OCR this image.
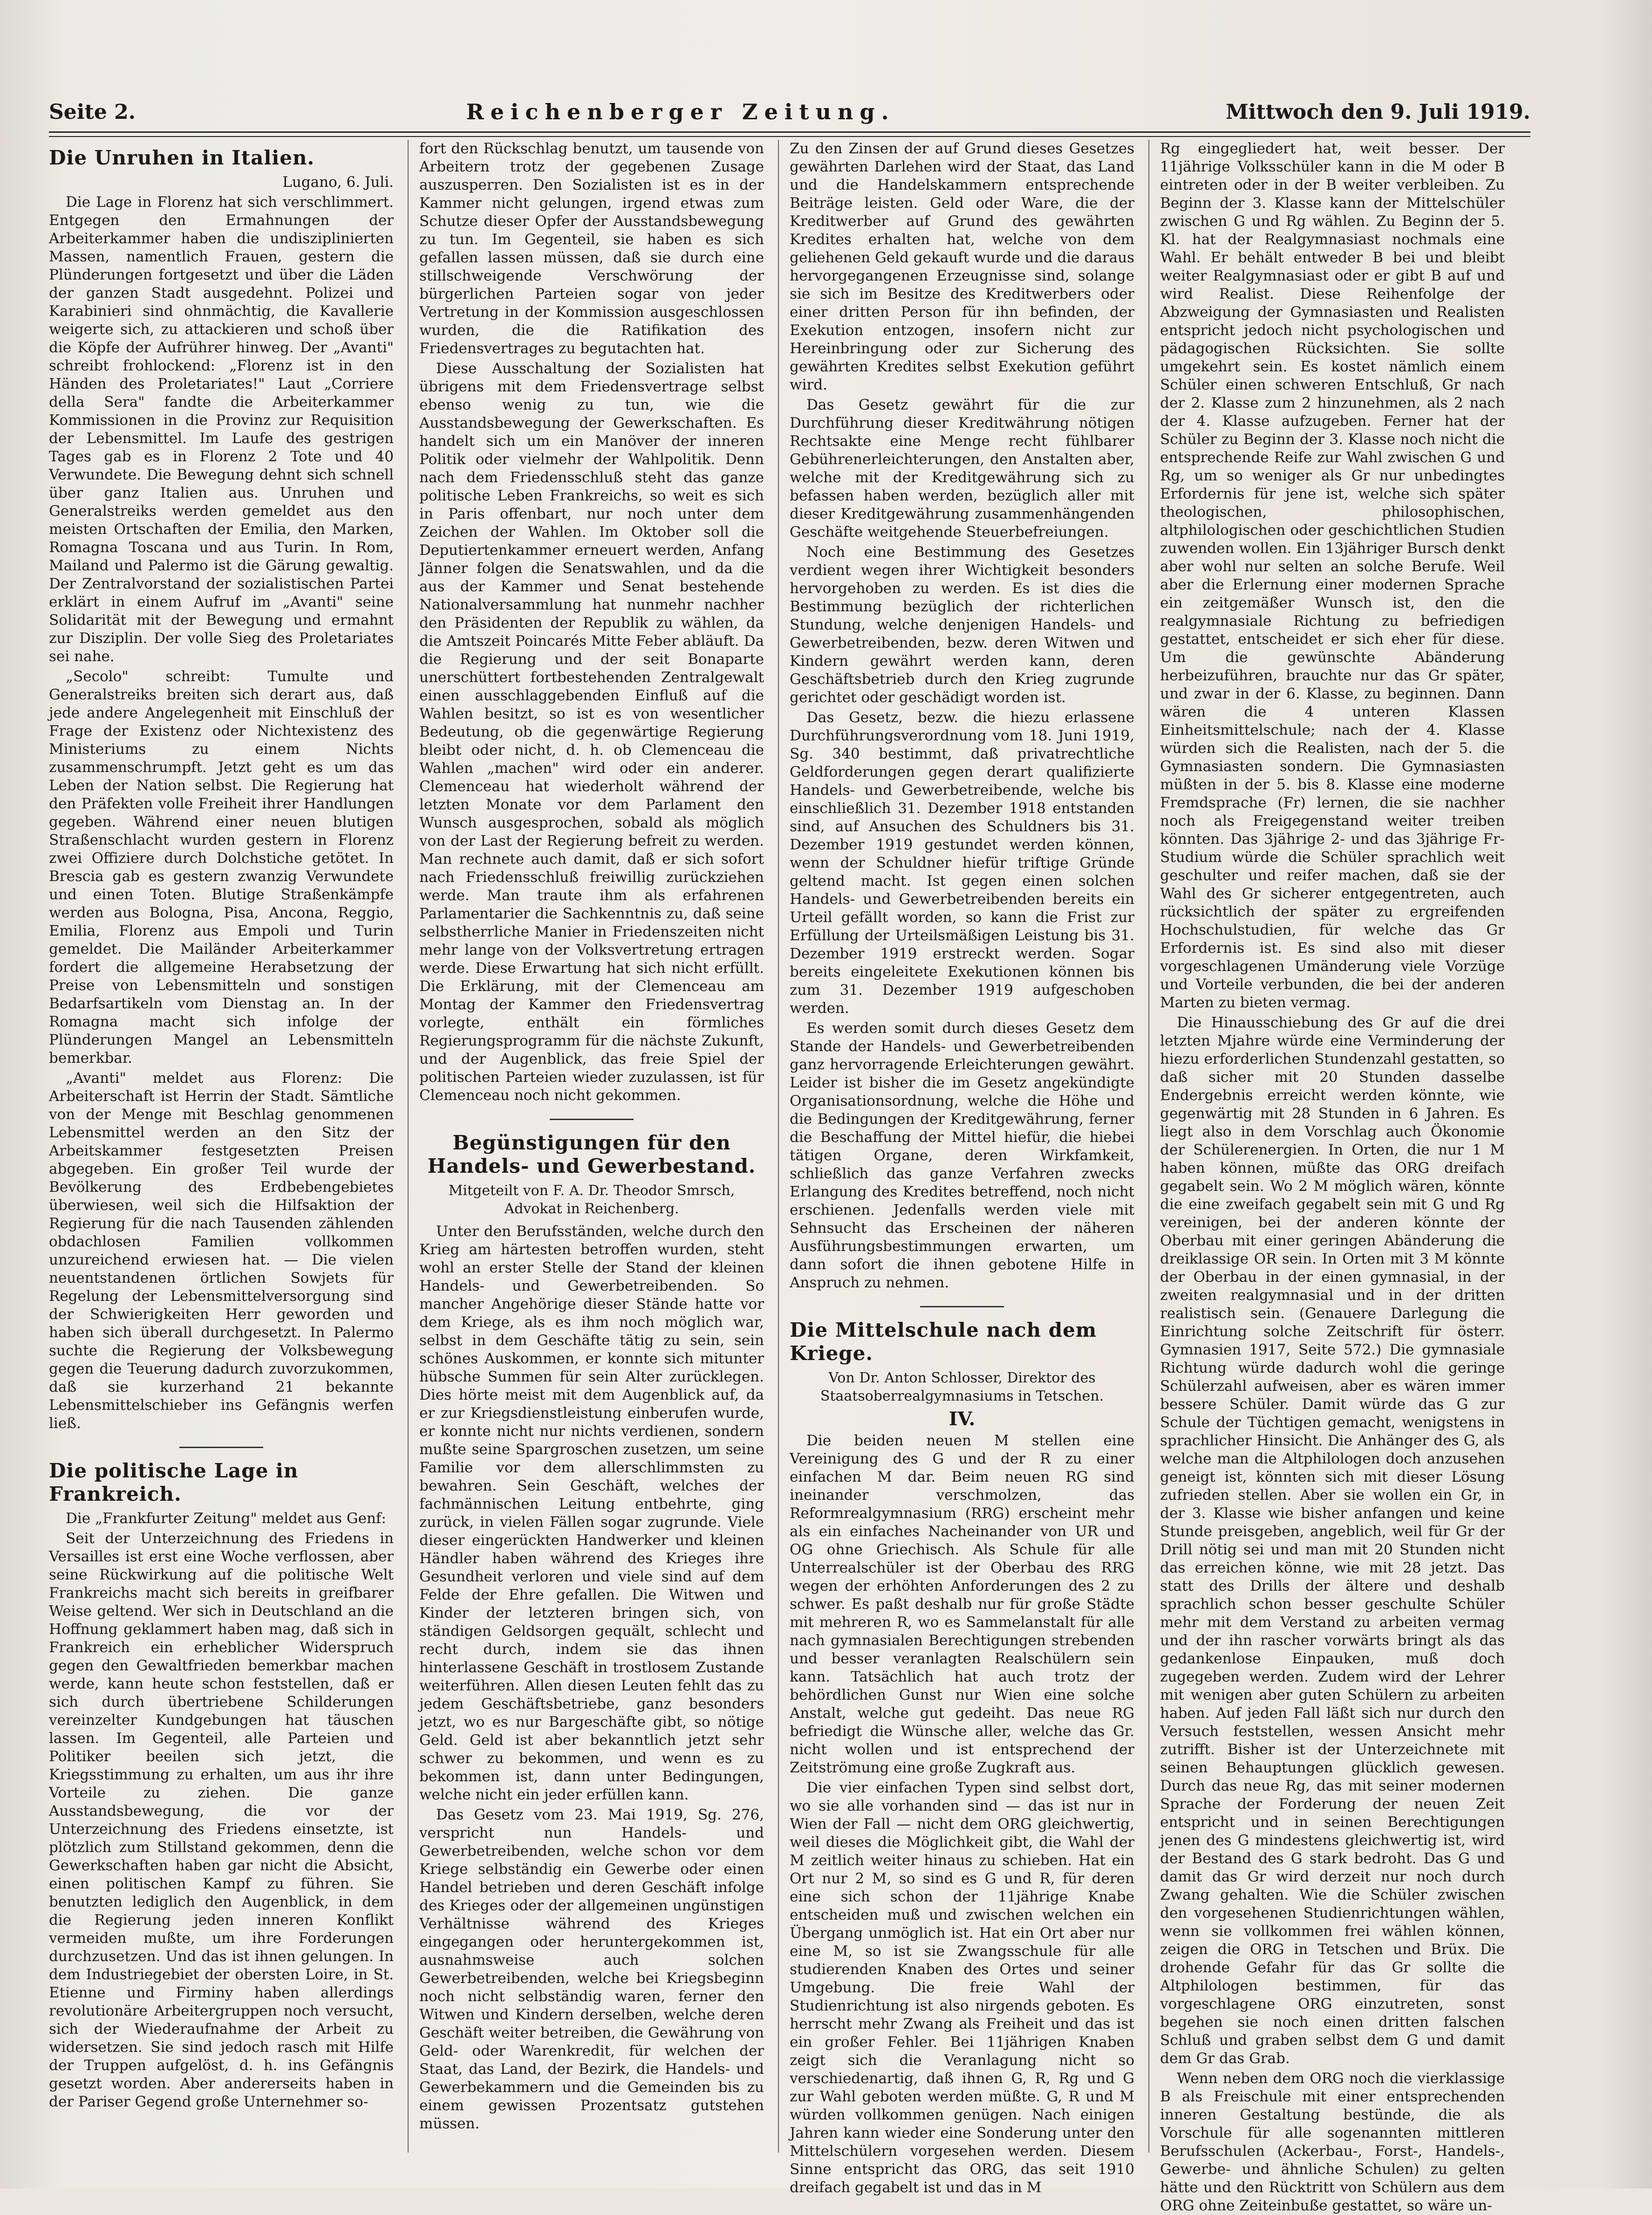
Seite 2.	Reichenberger Zeitung.	Mittwoch den 9. Juli 1919.
Die Unruhen in Italien.
Lugano, 6. Juli.

Die Lage in Florenz hat sich verschlimmert. Entgegen den Ermahnungen der Arbeiterkammer haben die undisziplinierten Massen, namentlich Frauen, gestern die Plünderungen fortgesetzt und über die Läden der ganzen Stadt ausgedehnt. Polizei und Karabinieri sind ohnmächtig, die Kavallerie weigerte sich, zu attackieren und schoß über die Köpfe der Aufrührer hinweg. Der „Avanti" schreibt frohlockend: „Florenz ist in den Händen des Proletariates!" Laut „Corriere della Sera" fandte die Arbeiterkammer Kommissionen in die Provinz zur Requisition der Lebensmittel. Im Laufe des gestrigen Tages gab es in Florenz 2 Tote und 40 Verwundete. Die Bewegung dehnt sich schnell über ganz Italien aus. Unruhen und Generalstreiks werden gemeldet aus den meisten Ortschaften der Emilia, den Marken, Romagna Toscana und aus Turin. In Rom, Mailand und Palermo ist die Gärung gewaltig. Der Zentralvorstand der sozialistischen Partei erklärt in einem Aufruf im „Avanti" seine Solidarität mit der Bewegung und ermahnt zur Disziplin. Der volle Sieg des Proletariates sei nahe.

„Secolo" schreibt: Tumulte und Generalstreiks breiten sich derart aus, daß jede andere Angelegenheit mit Einschluß der Frage der Existenz oder Nichtexistenz des Ministeriums zu einem Nichts zusammenschrumpft. Jetzt geht es um das Leben der Nation selbst. Die Regierung hat den Präfekten volle Freiheit ihrer Handlungen gegeben. Während einer neuen blutigen Straßenschlacht wurden gestern in Florenz zwei Offiziere durch Dolchstiche getötet. In Brescia gab es gestern zwanzig Verwundete und einen Toten. Blutige Straßenkämpfe werden aus Bologna, Pisa, Ancona, Reggio, Emilia, Florenz aus Empoli und Turin gemeldet. Die Mailänder Arbeiterkammer fordert die allgemeine Herabsetzung der Preise von Lebensmitteln und sonstigen Bedarfsartikeln vom Dienstag an. In der Romagna macht sich infolge der Plünderungen Mangel an Lebensmitteln bemerkbar.

„Avanti" meldet aus Florenz: Die Arbeiterschaft ist Herrin der Stadt. Sämtliche von der Menge mit Beschlag genommenen Lebensmittel werden an den Sitz der Arbeitskammer festgesetzten Preisen abgegeben. Ein großer Teil wurde der Bevölkerung des Erdbebengebietes überwiesen, weil sich die Hilfsaktion der Regierung für die nach Tausenden zählenden obdachlosen Familien vollkommen unzureichend erwiesen hat. — Die vielen neuentstandenen örtlichen Sowjets für Regelung der Lebensmittelversorgung sind der Schwierigkeiten Herr geworden und haben sich überall durchgesetzt. In Palermo suchte die Regierung der Volksbewegung gegen die Teuerung dadurch zuvorzukommen, daß sie kurzerhand 21 bekannte Lebensmittelschieber ins Gefängnis werfen ließ.

Die politische Lage in Frankreich.

Die „Frankfurter Zeitung" meldet aus Genf:

Seit der Unterzeichnung des Friedens in Versailles ist erst eine Woche verflossen, aber seine Rückwirkung auf die politische Welt Frankreichs macht sich bereits in greifbarer Weise geltend. Wer sich in Deutschland an die Hoffnung geklammert haben mag, daß sich in Frankreich ein erheblicher Widerspruch gegen den Gewaltfrieden bemerkbar machen werde, kann heute schon feststellen, daß er sich durch übertriebene Schilderungen vereinzelter Kundgebungen hat täuschen lassen. Im Gegenteil, alle Parteien und Politiker beeilen sich jetzt, die Kriegsstimmung zu erhalten, um aus ihr ihre Vorteile zu ziehen. Die ganze Ausstandsbewegung, die vor der Unterzeichnung des Friedens einsetzte, ist plötzlich zum Stillstand gekommen, denn die Gewerkschaften haben gar nicht die Absicht, einen politischen Kampf zu führen. Sie benutzten lediglich den Augenblick, in dem die Regierung jeden inneren Konflikt vermeiden mußte, um ihre Forderungen durchzusetzen. Und das ist ihnen gelungen. In dem Industriegebiet der obersten Loire, in St. Etienne und Firminy haben allerdings revolutionäre Arbeitergruppen noch versucht, sich der Wiederaufnahme der Arbeit zu widersetzen. Sie sind jedoch rasch mit Hilfe der Truppen aufgelöst, d. h. ins Gefängnis gesetzt worden. Aber andererseits haben in der Pariser Gegend große Unternehmer so-

fort den Rückschlag benutzt, um tausende von Arbeitern trotz der gegebenen Zusage auszusperren. Den Sozialisten ist es in der Kammer nicht gelungen, irgend etwas zum Schutze dieser Opfer der Ausstandsbewegung zu tun. Im Gegenteil, sie haben es sich gefallen lassen müssen, daß sie durch eine stillschweigende Verschwörung der bürgerlichen Parteien sogar von jeder Vertretung in der Kommission ausgeschlossen wurden, die die Ratifikation des Friedensvertrages zu begutachten hat.

Diese Ausschaltung der Sozialisten hat übrigens mit dem Friedensvertrage selbst ebenso wenig zu tun, wie die Ausstandsbewegung der Gewerkschaften. Es handelt sich um ein Manöver der inneren Politik oder vielmehr der Wahlpolitik. Denn nach dem Friedensschluß steht das ganze politische Leben Frankreichs, so weit es sich in Paris offenbart, nur noch unter dem Zeichen der Wahlen. Im Oktober soll die Deputiertenkammer erneuert werden, Anfang Jänner folgen die Senatswahlen, und da die aus der Kammer und Senat bestehende Nationalversammlung hat nunmehr nachher den Präsidenten der Republik zu wählen, da die Amtszeit Poincarés Mitte Feber abläuft. Da die Regierung und der seit Bonaparte unerschüttert fortbestehenden Zentralgewalt einen ausschlaggebenden Einfluß auf die Wahlen besitzt, so ist es von wesentlicher Bedeutung, ob die gegenwärtige Regierung bleibt oder nicht, d. h. ob Clemenceau die Wahlen „machen" wird oder ein anderer. Clemenceau hat wiederholt während der letzten Monate vor dem Parlament den Wunsch ausgesprochen, sobald als möglich von der Last der Regierung befreit zu werden. Man rechnete auch damit, daß er sich sofort nach Friedensschluß freiwillig zurückziehen werde. Man traute ihm als erfahrenen Parlamentarier die Sachkenntnis zu, daß seine selbstherrliche Manier in Friedenszeiten nicht mehr lange von der Volksvertretung ertragen werde. Diese Erwartung hat sich nicht erfüllt. Die Erklärung, mit der Clemenceau am Montag der Kammer den Friedensvertrag vorlegte, enthält ein förmliches Regierungsprogramm für die nächste Zukunft, und der Augenblick, das freie Spiel der politischen Parteien wieder zuzulassen, ist für Clemenceau noch nicht gekommen.

Begünstigungen für den Handels- und Gewerbestand.
Mitgeteilt von F. A. Dr. Theodor Smrsch, Advokat in Reichenberg.

Unter den Berufsständen, welche durch den Krieg am härtesten betroffen wurden, steht wohl an erster Stelle der Stand der kleinen Handels- und Gewerbetreibenden. So mancher Angehörige dieser Stände hatte vor dem Kriege, als es ihm noch möglich war, selbst in dem Geschäfte tätig zu sein, sein schönes Auskommen, er konnte sich mitunter hübsche Summen für sein Alter zurücklegen. Dies hörte meist mit dem Augenblick auf, da er zur Kriegsdienstleistung einberufen wurde, er konnte nicht nur nichts verdienen, sondern mußte seine Spargroschen zusetzen, um seine Familie vor dem allerschlimmsten zu bewahren. Sein Geschäft, welches der fachmännischen Leitung entbehrte, ging zurück, in vielen Fällen sogar zugrunde. Viele dieser eingerückten Handwerker und kleinen Händler haben während des Krieges ihre Gesundheit verloren und viele sind auf dem Felde der Ehre gefallen. Die Witwen und Kinder der letzteren bringen sich, von ständigen Geldsorgen gequält, schlecht und recht durch, indem sie das ihnen hinterlassene Geschäft in trostlosem Zustande weiterführen. Allen diesen Leuten fehlt das zu jedem Geschäftsbetriebe, ganz besonders jetzt, wo es nur Bargeschäfte gibt, so nötige Geld. Geld ist aber bekanntlich jetzt sehr schwer zu bekommen, und wenn es zu bekommen ist, dann unter Bedingungen, welche nicht ein jeder erfüllen kann.

Das Gesetz vom 23. Mai 1919, Sg. 276, verspricht nun Handels- und Gewerbetreibenden, welche schon vor dem Kriege selbständig ein Gewerbe oder einen Handel betrieben und deren Geschäft infolge des Krieges oder der allgemeinen ungünstigen Verhältnisse während des Krieges eingegangen oder heruntergekommen ist, ausnahmsweise auch solchen Gewerbetreibenden, welche bei Kriegsbeginn noch nicht selbständig waren, ferner den Witwen und Kindern derselben, welche deren Geschäft weiter betreiben, die Gewährung von Geld- oder Warenkredit, für welchen der Staat, das Land, der Bezirk, die Handels- und Gewerbekammern und die Gemeinden bis zu einem gewissen Prozentsatz gutstehen müssen.

Zu den Zinsen der auf Grund dieses Gesetzes gewährten Darlehen wird der Staat, das Land und die Handelskammern entsprechende Beiträge leisten. Geld oder Ware, die der Kreditwerber auf Grund des gewährten Kredites erhalten hat, welche von dem geliehenen Geld gekauft wurde und die daraus hervorgegangenen Erzeugnisse sind, solange sie sich im Besitze des Kreditwerbers oder einer dritten Person für ihn befinden, der Exekution entzogen, insofern nicht zur Hereinbringung oder zur Sicherung des gewährten Kredites selbst Exekution geführt wird.

Das Gesetz gewährt für die zur Durchführung dieser Kreditwährung nötigen Rechtsakte eine Menge recht fühlbarer Gebührenerleichterungen, den Anstalten aber, welche mit der Kreditgewährung sich zu befassen haben werden, bezüglich aller mit dieser Kreditgewährung zusammenhängenden Geschäfte weitgehende Steuerbefreiungen.

Noch eine Bestimmung des Gesetzes verdient wegen ihrer Wichtigkeit besonders hervorgehoben zu werden. Es ist dies die Bestimmung bezüglich der richterlichen Stundung, welche denjenigen Handels- und Gewerbetreibenden, bezw. deren Witwen und Kindern gewährt werden kann, deren Geschäftsbetrieb durch den Krieg zugrunde gerichtet oder geschädigt worden ist.

Das Gesetz, bezw. die hiezu erlassene Durchführungsverordnung vom 18. Juni 1919, Sg. 340 bestimmt, daß privatrechtliche Geldforderungen gegen derart qualifizierte Handels- und Gewerbetreibende, welche bis einschließlich 31. Dezember 1918 entstanden sind, auf Ansuchen des Schuldners bis 31. Dezember 1919 gestundet werden können, wenn der Schuldner hiefür triftige Gründe geltend macht. Ist gegen einen solchen Handels- und Gewerbetreibenden bereits ein Urteil gefällt worden, so kann die Frist zur Erfüllung der Urteilsmäßigen Leistung bis 31. Dezember 1919 erstreckt werden. Sogar bereits eingeleitete Exekutionen können bis zum 31. Dezember 1919 aufgeschoben werden.

Es werden somit durch dieses Gesetz dem Stande der Handels- und Gewerbetreibenden ganz hervorragende Erleichterungen gewährt. Leider ist bisher die im Gesetz angekündigte Organisationsordnung, welche die Höhe und die Bedingungen der Kreditgewährung, ferner die Beschaffung der Mittel hiefür, die hiebei tätigen Organe, deren Wirkfamkeit, schließlich das ganze Verfahren zwecks Erlangung des Kredites betreffend, noch nicht erschienen. Jedenfalls werden viele mit Sehnsucht das Erscheinen der näheren Ausführungsbestimmungen erwarten, um dann sofort die ihnen gebotene Hilfe in Anspruch zu nehmen.

Die Mittelschule nach dem Kriege.
Von Dr. Anton Schlosser, Direktor des Staatsoberrealgymnasiums in Tetschen.
IV.

Die beiden neuen M stellen eine Vereinigung des G und der R zu einer einfachen M dar. Beim neuen RG sind ineinander verschmolzen, das Reformrealgymnasium (RRG) erscheint mehr als ein einfaches Nacheinander von UR und OG ohne Griechisch. Als Schule für alle Unterrealschüler ist der Oberbau des RRG wegen der erhöhten Anforderungen des 2 zu schwer. Es paßt deshalb nur für große Städte mit mehreren R, wo es Sammelanstalt für alle nach gymnasialen Berechtigungen strebenden und besser veranlagten Realschülern sein kann. Tatsächlich hat auch trotz der behördlichen Gunst nur Wien eine solche Anstalt, welche gut gedeiht. Das neue RG befriedigt die Wünsche aller, welche das Gr. nicht wollen und ist entsprechend der Zeitströmung eine große Zugkraft aus.

Die vier einfachen Typen sind selbst dort, wo sie alle vorhanden sind — das ist nur in Wien der Fall — nicht dem ORG gleichwertig, weil dieses die Möglichkeit gibt, die Wahl der M zeitlich weiter hinaus zu schieben. Hat ein Ort nur 2 M, so sind es G und R, für deren eine sich schon der 11jährige Knabe entscheiden muß und zwischen welchen ein Übergang unmöglich ist. Hat ein Ort aber nur eine M, so ist sie Zwangsschule für alle studierenden Knaben des Ortes und seiner Umgebung. Die freie Wahl der Studienrichtung ist also nirgends geboten. Es herrscht mehr Zwang als Freiheit und das ist ein großer Fehler. Bei 11jährigen Knaben zeigt sich die Veranlagung nicht so verschiedenartig, daß ihnen G, R, Rg und G zur Wahl geboten werden müßte. G, R und M würden vollkommen genügen. Nach einigen Jahren kann wieder eine Sonderung unter den Mittelschülern vorgesehen werden. Diesem Sinne entspricht das ORG, das seit 1910 dreifach gegabelt ist und das in M

Rg eingegliedert hat, weit besser. Der 11jährige Volksschüler kann in die M oder B eintreten oder in der B weiter verbleiben. Zu Beginn der 3. Klasse kann der Mittelschüler zwischen G und Rg wählen. Zu Beginn der 5. Kl. hat der Realgymnasiast nochmals eine Wahl. Er behält entweder B bei und bleibt weiter Realgymnasiast oder er gibt B auf und wird Realist. Diese Reihenfolge der Abzweigung der Gymnasiasten und Realisten entspricht jedoch nicht psychologischen und pädagogischen Rücksichten. Sie sollte umgekehrt sein. Es kostet nämlich einem Schüler einen schweren Entschluß, Gr nach der 2. Klasse zum 2 hinzunehmen, als 2 nach der 4. Klasse aufzugeben. Ferner hat der Schüler zu Beginn der 3. Klasse noch nicht die entsprechende Reife zur Wahl zwischen G und Rg, um so weniger als Gr nur unbedingtes Erfordernis für jene ist, welche sich später theologischen, philosophischen, altphilologischen oder geschichtlichen Studien zuwenden wollen. Ein 13jähriger Bursch denkt aber wohl nur selten an solche Berufe. Weil aber die Erlernung einer modernen Sprache ein zeitgemäßer Wunsch ist, den die realgymnasiale Richtung zu befriedigen gestattet, entscheidet er sich eher für diese. Um die gewünschte Abänderung herbeizuführen, brauchte nur das Gr später, und zwar in der 6. Klasse, zu beginnen. Dann wären die 4 unteren Klassen Einheitsmittelschule; nach der 4. Klasse würden sich die Realisten, nach der 5. die Gymnasiasten sondern. Die Gymnasiasten müßten in der 5. bis 8. Klasse eine moderne Fremdsprache (Fr) lernen, die sie nachher noch als Freigegenstand weiter treiben könnten. Das 3jährige 2- und das 3jährige Fr-Studium würde die Schüler sprachlich weit geschulter und reifer machen, daß sie der Wahl des Gr sicherer entgegentreten, auch rücksichtlich der später zu ergreifenden Hochschulstudien, für welche das Gr Erfordernis ist. Es sind also mit dieser vorgeschlagenen Umänderung viele Vorzüge und Vorteile verbunden, die bei der anderen Marten zu bieten vermag.

Die Hinausschiebung des Gr auf die drei letzten Mjahre würde eine Verminderung der hiezu erforderlichen Stundenzahl gestatten, so daß sicher mit 20 Stunden dasselbe Endergebnis erreicht werden könnte, wie gegenwärtig mit 28 Stunden in 6 Jahren. Es liegt also in dem Vorschlag auch Ökonomie der Schülerenergien. In Orten, die nur 1 M haben können, müßte das ORG dreifach gegabelt sein. Wo 2 M möglich wären, könnte die eine zweifach gegabelt sein mit G und Rg vereinigen, bei der anderen könnte der Oberbau mit einer geringen Abänderung die dreiklassige OR sein. In Orten mit 3 M könnte der Oberbau in der einen gymnasial, in der zweiten realgymnasial und in der dritten realistisch sein. (Genauere Darlegung die Einrichtung solche Zeitschrift für österr. Gymnasien 1917, Seite 572.) Die gymnasiale Richtung würde dadurch wohl die geringe Schülerzahl aufweisen, aber es wären immer bessere Schüler. Damit würde das G zur Schule der Tüchtigen gemacht, wenigstens in sprachlicher Hinsicht. Die Anhänger des G, als welche man die Altphilologen doch anzusehen geneigt ist, könnten sich mit dieser Lösung zufrieden stellen. Aber sie wollen ein Gr, in der 3. Klasse wie bisher anfangen und keine Stunde preisgeben, angeblich, weil für Gr der Drill nötig sei und man mit 20 Stunden nicht das erreichen könne, wie mit 28 jetzt. Das statt des Drills der ältere und deshalb sprachlich schon besser geschulte Schüler mehr mit dem Verstand zu arbeiten vermag und der ihn rascher vorwärts bringt als das gedankenlose Einpauken, muß doch zugegeben werden. Zudem wird der Lehrer mit wenigen aber guten Schülern zu arbeiten haben. Auf jeden Fall läßt sich nur durch den Versuch feststellen, wessen Ansicht mehr zutrifft. Bisher ist der Unterzeichnete mit seinen Behauptungen glücklich gewesen. Durch das neue Rg, das mit seiner modernen Sprache der Forderung der neuen Zeit entspricht und in seinen Berechtigungen jenen des G mindestens gleichwertig ist, wird der Bestand des G stark bedroht. Das G und damit das Gr wird derzeit nur noch durch Zwang gehalten. Wie die Schüler zwischen den vorgesehenen Studienrichtungen wählen, wenn sie vollkommen frei wählen können, zeigen die ORG in Tetschen und Brüx. Die drohende Gefahr für das Gr sollte die Altphilologen bestimmen, für das vorgeschlagene ORG einzutreten, sonst begehen sie noch einen dritten falschen Schluß und graben selbst dem G und damit dem Gr das Grab.

Wenn neben dem ORG noch die vierklassige B als Freischule mit einer entsprechenden inneren Gestaltung bestünde, die als Vorschule für alle sogenannten mittleren Berufsschulen (Ackerbau-, Forst-, Handels-, Gewerbe- und ähnliche Schulen) zu gelten hätte und den Rücktritt von Schülern aus dem ORG ohne Zeiteinbuße gestattet, so wäre un-
